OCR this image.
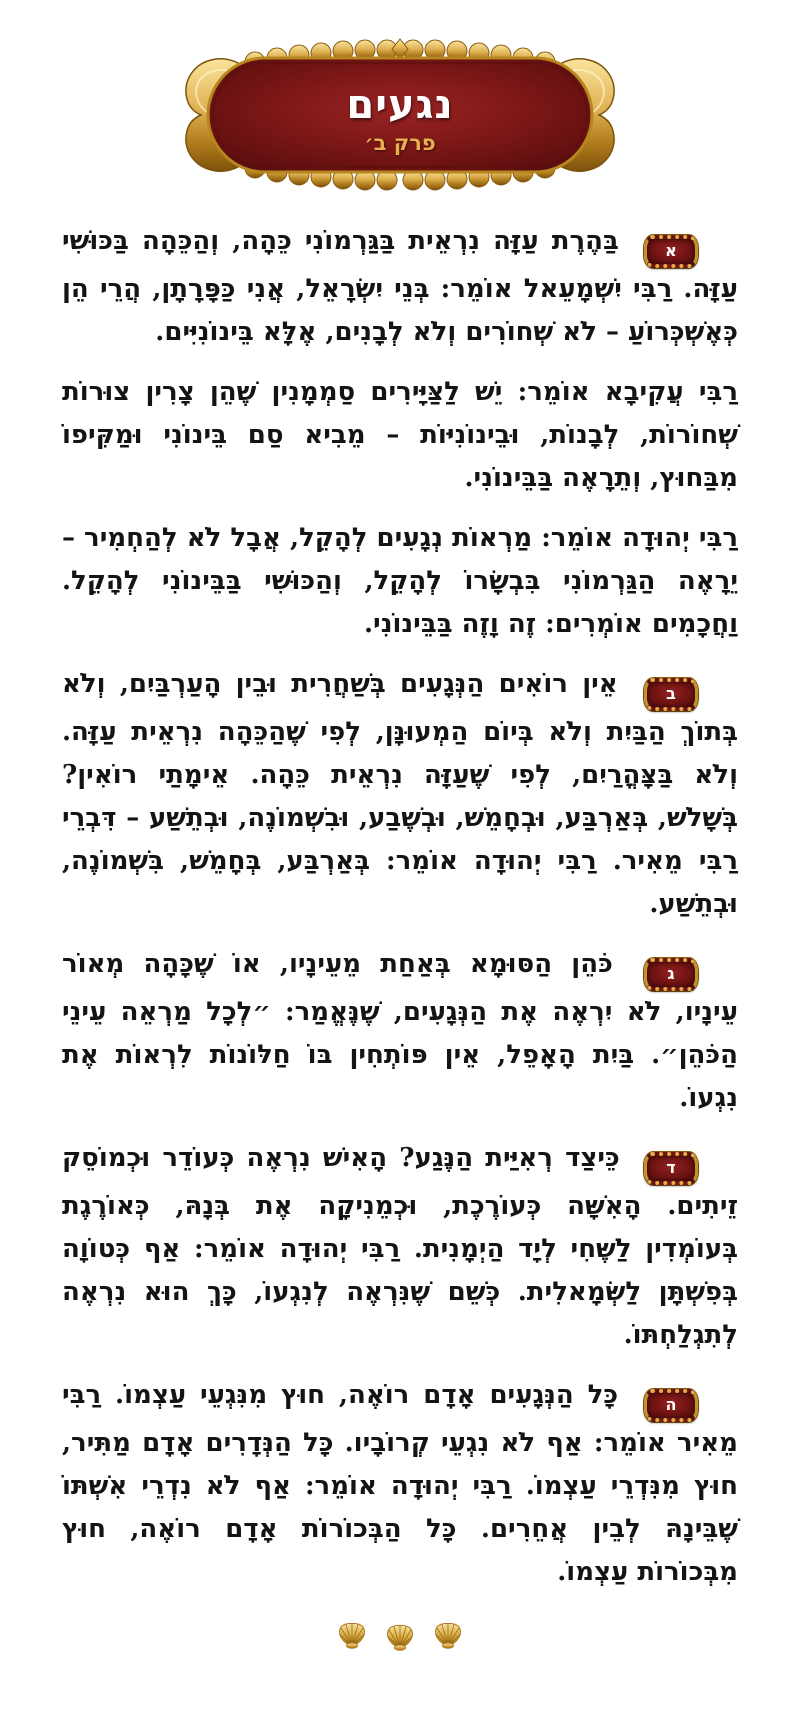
נגעים
פרק ב׳

א בַּהֶרֶת עַזָּה נִרְאֵית בַּגַּרְמוֹנִי כֵּהָה, וְהַכֵּהָה בַּכּוּשִׁי עַזָּה. רַבִּי יִשְׁמָעֵאל אוֹמֵר: בְּנֵי יִשְׂרָאֵל, אֲנִי כַּפָּרָתָן, הֲרֵי הֵן כְּאֶשְׁכְּרוֹעַ – לֹא שְׁחוֹרִים וְלֹא לְבָנִים, אֶלָּא בֵּינוֹנִיִּים.

רַבִּי עֲקִיבָא אוֹמֵר: יֵשׁ לַצַּיָּירִים סַמְמָנִין שֶׁהֵן צָרִין צוּרוֹת שְׁחוֹרוֹת, לְבָנוֹת, וּבֵינוֹנִיּוֹת – מֵבִיא סַם בֵּינוֹנִי וּמַקִּיפוֹ מִבַּחוּץ, וְתֵרָאֶה בַּבֵּינוֹנִי.

רַבִּי יְהוּדָה אוֹמֵר: מַרְאוֹת נְגָעִים לְהָקֵל, אֲבָל לֹא לְהַחְמִיר – יֵרָאֶה הַגַּרְמוֹנִי בִּבְשָׂרוֹ לְהָקֵל, וְהַכּוּשִׁי בַּבֵּינוֹנִי לְהָקֵל. וַחֲכָמִים אוֹמְרִים: זֶה וָזֶה בַּבֵּינוֹנִי.

ב אֵין רוֹאִים הַנְּגָעִים בְּשַׁחֲרִית וּבֵין הָעַרְבַּיִם, וְלֹא בְּתוֹךְ הַבַּיִת וְלֹא בְּיוֹם הַמְעוּנָּן, לְפִי שֶׁהַכֵּהָה נִרְאֵית עַזָּה. וְלֹא בַּצָּהֳרַיִם, לְפִי שֶׁעַזָּה נִרְאֵית כֵּהָה. אֵימָתַי רוֹאִין? בְּשָׁלֹשׁ, בְּאַרְבַּע, וּבְחָמֵשׁ, וּבְשֶׁבַע, וּבִשְׁמוֹנֶה, וּבְתֵשַׁע – דִּבְרֵי רַבִּי מֵאִיר. רַבִּי יְהוּדָה אוֹמֵר: בְּאַרְבַּע, בְּחָמֵשׁ, בִּשְׁמוֹנֶה, וּבְתֵשַׁע.

ג כֹּהֵן הַסּוּמָא בְּאַחַת מֵעֵינָיו, אוֹ שֶׁכָּהָה מְאוֹר עֵינָיו, לֹא יִרְאֶה אֶת הַנְּגָעִים, שֶׁנֶּאֱמַר: ״לְכָל מַרְאֵה עֵינֵי הַכֹּהֵן״. בַּיִת הָאָפֵל, אֵין פּוֹתְחִין בּוֹ חַלּוֹנוֹת לִרְאוֹת אֶת נִגְעוֹ.

ד כֵּיצַד רְאִיַּית הַנֶּגַע? הָאִישׁ נִרְאֶה כְּעוֹדֵר וּכְמוֹסֵק זֵיתִים. הָאִשָּׁה כְּעוֹרֶכֶת, וּכְמֵנִיקָה אֶת בְּנָהּ, כְּאוֹרֶגֶת בְּעוֹמְדִין לַשֶּׁחִי לְיָד הַיְמָנִית. רַבִּי יְהוּדָה אוֹמֵר: אַף כְּטוֹוָה בְּפִשְׁתָּן לַשְּׂמָאלִית. כְּשֵׁם שֶׁנִּרְאֶה לְנִגְעוֹ, כָּךְ הוּא נִרְאֶה לְתִגְלַחְתּוֹ.

ה כָּל הַנְּגָעִים אָדָם רוֹאֶה, חוּץ מִנִּגְעֵי עַצְמוֹ. רַבִּי מֵאִיר אוֹמֵר: אַף לֹא נִגְעֵי קְרוֹבָיו. כָּל הַנְּדָרִים אָדָם מַתִּיר, חוּץ מִנִּדְרֵי עַצְמוֹ. רַבִּי יְהוּדָה אוֹמֵר: אַף לֹא נִדְרֵי אִשְׁתּוֹ שֶׁבֵּינָהּ לְבֵין אֲחֵרִים. כָּל הַבְּכוֹרוֹת אָדָם רוֹאֶה, חוּץ מִבְּכוֹרוֹת עַצְמוֹ.
